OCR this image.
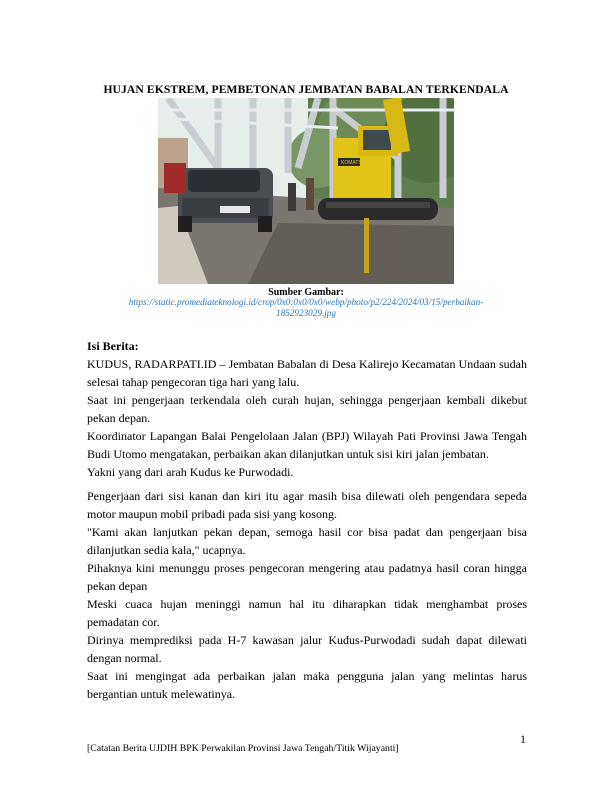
HUJAN EKSTREM, PEMBETONAN JEMBATAN BABALAN TERKENDALA
KOMATSU
Sumber Gambar:
https://static.promediateknologi.id/crop/0x0:0x0/0x0/webp/photo/p2/224/2024/03/15/perbaikan-1852923029.jpg
Isi Berita:

KUDUS, RADARPATI.ID – Jembatan Babalan di Desa Kalirejo Kecamatan Undaan sudah selesai tahap pengecoran tiga hari yang lalu.

Saat ini pengerjaan terkendala oleh curah hujan, sehingga pengerjaan kembali dikebut pekan depan.

Koordinator Lapangan Balai Pengelolaan Jalan (BPJ) Wilayah Pati Provinsi Jawa Tengah Budi Utomo mengatakan, perbaikan akan dilanjutkan untuk sisi kiri jalan jembatan.

Yakni yang dari arah Kudus ke Purwodadi.

Pengerjaan dari sisi kanan dan kiri itu agar masih bisa dilewati oleh pengendara sepeda motor maupun mobil pribadi pada sisi yang kosong.

"Kami akan lanjutkan pekan depan, semoga hasil cor bisa padat dan pengerjaan bisa dilanjutkan sedia kala," ucapnya.

Pihaknya kini menunggu proses pengecoran mengering atau padatnya hasil coran hingga pekan depan

Meski cuaca hujan meninggi namun hal itu diharapkan tidak menghambat proses pemadatan cor.

Dirinya memprediksi pada H-7 kawasan jalur Kudus-Purwodadi sudah dapat dilewati dengan normal.

Saat ini mengingat ada perbaikan jalan maka pengguna jalan yang melintas harus bergantian untuk melewatinya.

1
[Catatan Berita UJDIH BPK Perwakilan Provinsi Jawa Tengah/Titik Wijayanti]
